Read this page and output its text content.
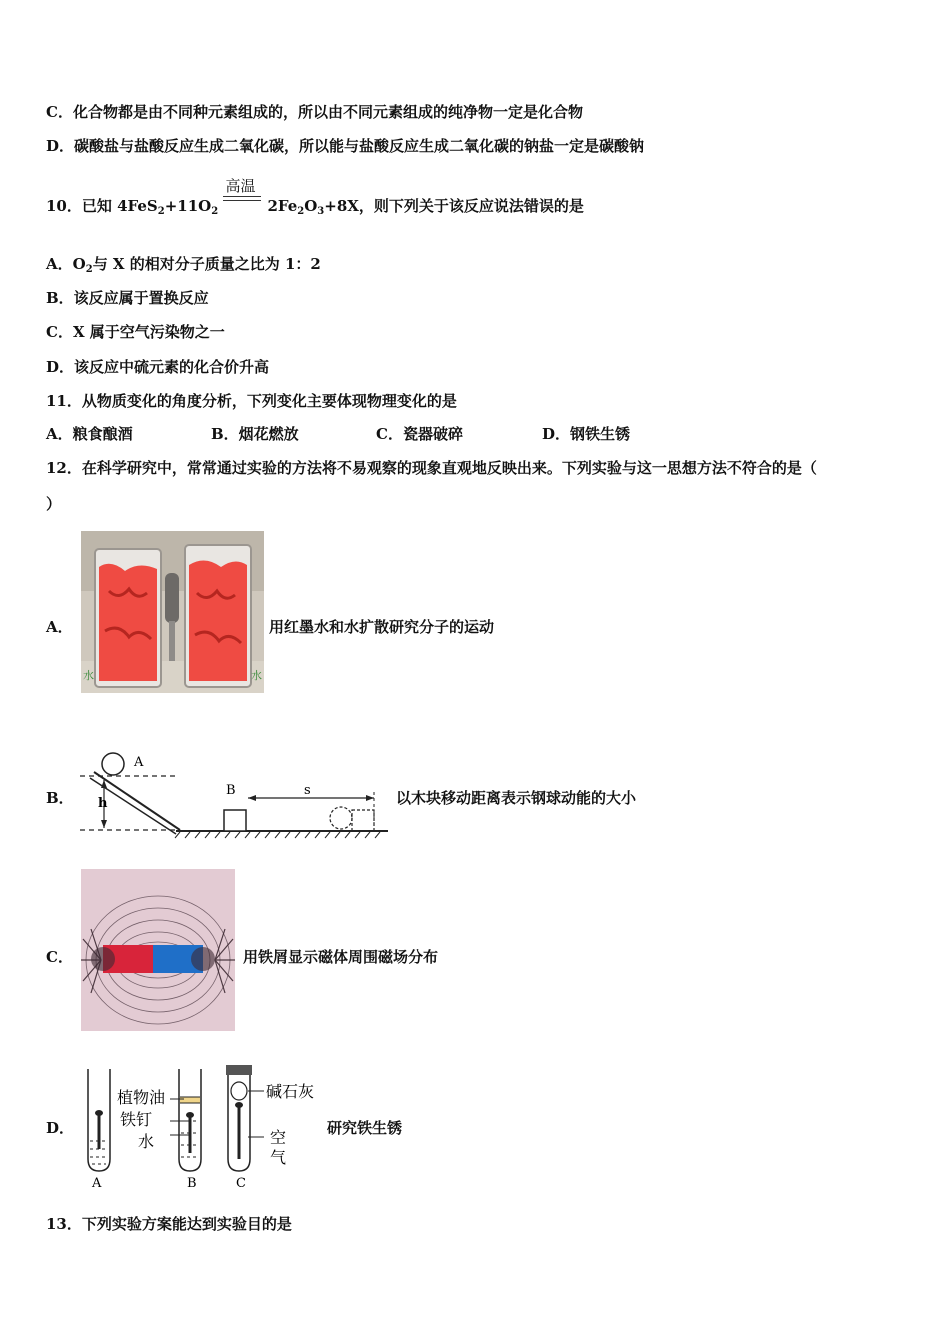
C．化合物都是由不同种元素组成的，所以由不同元素组成的纯净物一定是化合物
D．碳酸盐与盐酸反应生成二氧化碳，所以能与盐酸反应生成二氧化碳的钠盐一定是碳酸钠
10．已知 $4FeS_2+11O_2$
高温
$2Fe_2O_3+8X$，则下列关于该反应说法错误的是
A．$O_2$与 X 的相对分子质量之比为 1：2
B．该反应属于置换反应
C．X 属于空气污染物之一
D．该反应中硫元素的化合价升高
11．从物质变化的角度分析，下列变化主要体现物理变化的是
A．粮食酿酒	B．烟花燃放	C．瓷器破碎	D．钢铁生锈
12．在科学研究中，常常通过实验的方法将不易观察的现象直观地反映出来。下列实验与这一思想方法不符合的是（
）
A．
水	水
用红墨水和水扩散研究分子的运动
B． h
A
B	s	以木块移动距离表示钢球动能的大小
C．	用铁屑显示磁体周围磁场分布
D．
A	B
植物油
铁钉
水
碱石灰
空
气
C
研究铁生锈
13．下列实验方案能达到实验目的是
